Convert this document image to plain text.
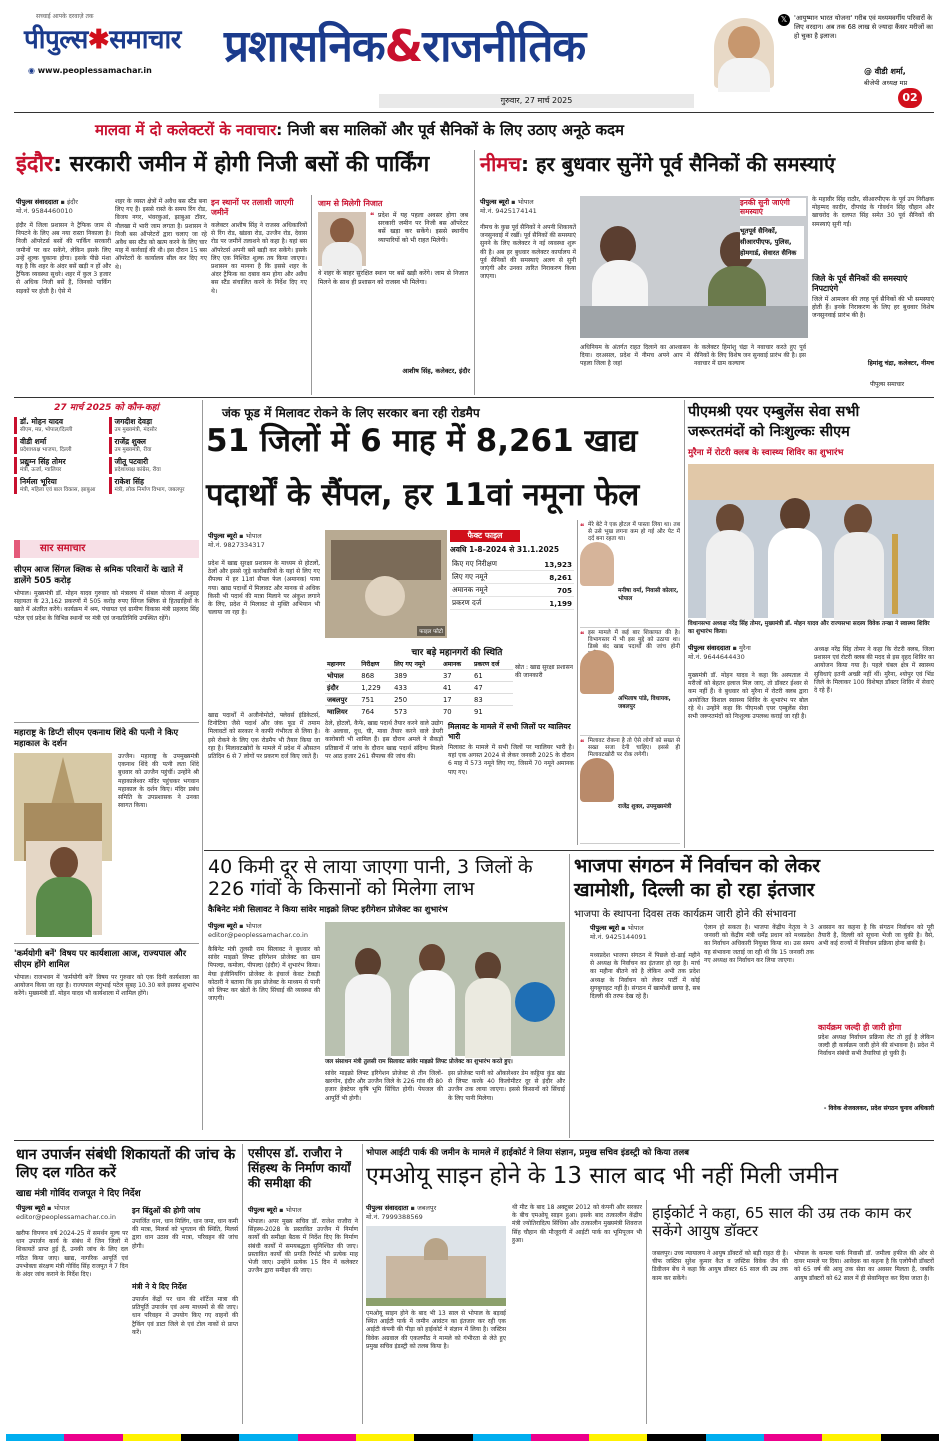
सच्चाई आपके दरवाज़े तक
पीपुल्स✱समाचार
◉ www.peoplessamachar.in प्रशासनिक&राजनीतिक
गुरुवार, 27 मार्च 2025
𝕏	'आयुष्मान भारत योजना' गरीब एवं मध्यमवर्गीय परिवारों के लिए वरदान। अब तक 68 लाख से ज्यादा कैंसर मरीजों का हो चुका है इलाज।
@ वीडी शर्मा,
बीजेपी अध्यक्ष मप्र
02
मालवा में दो कलेक्टरों के नवाचार: निजी बस मालिकों और पूर्व सैनिकों के लिए उठाए अनूठे कदम
इंदौर: सरकारी जमीन में होगी निजी बसों की पार्किंग
पीपुल्स संवाददाता ▪ इंदौर
मो.नं. 9584460010
इंदौर में जिला प्रशासन ने ट्रैफिक जाम से निपटने के लिए अब नया रास्ता निकाला है। निजी ऑपरेटर्स बसों की पार्किंग सरकारी जमीनों पर कर सकेंगे, लेकिन इसके लिए उन्हें शुल्क चुकाना होगा। इसके पीछे मंशा यह है कि शहर के अंदर बसें खड़ी न हों और ट्रैफिक व्यवस्था सुधरे। शहर में कुल 3 हजार से अधिक निजी बसें हैं, जिनको पार्किंग सड़कों पर होती है। ऐसे में
शहर के व्यस्त क्षेत्रों में अवैध बस स्टैंड बना लिए गए हैं। इससे रास्ते के समय रिंग रोड, विजय नगर, भंवरकुआं, झाबुआ टॉवर, नौलखा में भारी जाम लगता है। प्रशासन ने निजी बस ऑपरेटरों द्वारा चलाए जा रहे अवैध बस स्टैंड को खत्म करने के लिए चार माह में कार्रवाई की थी। इस दौरान 15 बस ऑपरेटरों के कार्यालय सील कर दिए गए थे।
इन स्थानों पर तलाशी जाएगी जमीनें
कलेक्टर आशीष सिंह ने राजस्व अधिकारियों से रिंग रोड, खंडवा रोड, उज्जैन रोड, देवास रोड पर जमीनें तलाशने को कहा है। यहां बस ऑपरेटर्स अपनी बसें खड़ी कर सकेंगे। इसके लिए एक निश्चित शुल्क तय किया जाएगा। प्रशासन का मानना है कि इससे शहर के अंदर ट्रैफिक का दबाव कम होगा और अवैध बस स्टैंड संचालित करने के निर्देश दिए गए थे।
जाम से मिलेगी निजात
❝ प्रदेश में यह पहला अवसर होगा जब सरकारी जमीन पर निजी बस ऑपरेटर बसें खड़ा कर सकेंगे। इससे स्थानीय व्यापारियों को भी राहत मिलेगी।
वे शहर के बाहर सुरक्षित स्थान पर बसें खड़ी करेंगे। जाम से निजात मिलने के साथ ही प्रशासन को राजस्व भी मिलेगा।
आशीष सिंह, कलेक्टर, इंदौर
नीमच: हर बुधवार सुनेंगे पूर्व सैनिकों की समस्याएं
पीपुल्स ब्यूरो ▪ भोपाल
मो.नं. 9425174141
नीमच के कुछ पूर्व सैनिकों ने अपनी शिकायतें जनसुनवाई में रखीं। पूर्व सैनिकों की समस्याएं सुनने के लिए कलेक्टर ने नई व्यवस्था शुरू की है। अब हर बुधवार कलेक्टर कार्यालय में पूर्व सैनिकों की समस्याएं अलग से सुनी जाएंगी और उनका त्वरित निराकरण किया जाएगा।
इनकी सुनी जाएंगी समस्याएं
भूतपूर्व सैनिकों, सीआरपीएफ, पुलिस, होमगार्ड, सेवारत सैनिक
अधिनियम के अंतर्गत राहत दिलाने का आश्वासन दिया। दरअसल, प्रदेश में नीमच अपने आप में पहला जिला है जहां
के कलेक्टर हिमांशु चंद्रा ने नवाचार करते हुए पूर्व सैनिकों के लिए विशेष जन सुनवाई प्रारंभ की है। इस नवाचार में ग्राम कल्याण
के महावीर सिंह राठौर, सीआरपीएफ के पूर्व उप निरीक्षक मोहम्मद कादीर, दीपचंद्र के गोवर्धन सिंह चौहान और खाचरोद के दलपत सिंह समेत 30 पूर्व सैनिकों की समस्याएं सुनी गईं।
जिले के पूर्व सैनिकों की समस्याएं निपटाएंगे
जिले में आमजन की तरह पूर्व सैनिकों की भी समस्याएं होती हैं। इनके निराकरण के लिए हर बुधवार विशेष जनसुनवाई प्रारंभ की है।
हिमांशु चंद्रा, कलेक्टर, नीमच
पीपुल्स समाचार
27 मार्च 2025 को कौन-कहां
डॉ. मोहन यादव
सीएम, मप्र, भोपाल/दिल्ली
जगदीश देवड़ा
उप मुख्यमंत्री, मंदसौर
वीडी शर्मा
प्रदेशाध्यक्ष भाजपा, दिल्ली
राजेंद्र शुक्ल
उप मुख्यमंत्री, रीवा
प्रद्युम्न सिंह तोमर
मंत्री, ऊर्जा, ग्वालियर
जीतू पटवारी
प्रदेशाध्यक्ष कांग्रेस, रीवा
निर्मला भूरिया
मंत्री, महिला एवं बाल विकास, झाबुआ
राकेश सिंह
मंत्री, लोक निर्माण विभाग, जबलपुर
सार समाचार
सीएम आज सिंगल क्लिक से श्रमिक परिवारों के खाते में डालेंगे 505 करोड़
भोपाल। मुख्यमंत्री डॉ. मोहन यादव गुरुवार को मंत्रालय में संबल योजना में अनुग्रह सहायता के 23,162 प्रकरणों में 505 करोड़ रुपए सिंगल क्लिक से हितग्राहियों के खाते में अंतरित करेंगे। कार्यक्रम में श्रम, पंचायत एवं ग्रामीण विकास मंत्री प्रहलाद सिंह पटेल एवं प्रदेश के विभिन्न स्थानों पर मंत्री एवं जनप्रतिनिधि उपस्थित रहेंगे।
महाराष्ट्र के डिप्टी सीएम एकनाथ शिंदे की पत्नी ने किए महाकाल के दर्शन
उज्जैन। महाराष्ट्र के उपमुख्यमंत्री एकनाथ शिंदे की पत्नी लता शिंदे बुधवार को उज्जैन पहुंचीं। उन्होंने श्री महाकालेश्वर मंदिर पहुंचकर भगवान महाकाल के दर्शन किए। मंदिर प्रबंध समिति के उपप्रशासक ने उनका स्वागत किया।
'कर्मयोगी बनें' विषय पर कार्यशाला आज, राज्यपाल और सीएम होंगे शामिल
भोपाल। राजभवन में 'कर्मयोगी बनें' विषय पर गुरुवार को एक दिनी कार्यशाला का आयोजन किया जा रहा है। राज्यपाल मंगुभाई पटेल सुबह 10.30 बजे इसका शुभारंभ करेंगे। मुख्यमंत्री डॉ. मोहन यादव भी कार्यशाला में शामिल होंगे।
जंक फूड में मिलावट रोकने के लिए सरकार बना रही रोडमैप
51 जिलों में 6 माह में 8,261 खाद्य
पदार्थों के सैंपल, हर 11वां नमूना फेल
पीपुल्स ब्यूरो ▪ भोपाल
मो.नं. 9827334317
प्रदेश में खाद्य सुरक्षा प्रशासन के माध्यम से होटलों, ठेलों और इससे जुड़े कारोबारियों के यहां से लिए गए सैंपल्स में हर 11वां सैंपल फेल (अमानक) पाया गया। खाद्य पदार्थों में मिलावट और मानक से अधिक किसी भी पदार्थ की मात्रा मिलाने पर अंकुश लगाने के लिए, प्रदेश में मिलावट से मुक्ति अभियान भी चलाया जा रहा है।
खाद्य पदार्थों में अजीनोमोटो, फ्लेवर्स इंडिकेटर्स, टिनोटिया जैसे पदार्थ और जंक फूड में तमाम मिलावटों को सरकार ने काफी गंभीरता से लिया है। इसे रोकने के लिए एक रोडमैप भी तैयार किया जा रहा है। मिलावटखोरों के मामले में प्रदेश में औसतन प्रतिदिन 6 से 7 लोगों पर प्रकरण दर्ज किए जाते हैं।
फाइल फोटो
फैक्ट फाइल
अवधि 1-8-2024 से 31.1.2025
किए गए निरीक्षण	13,923
लिए गए नमूने	8,261
अमानक नमूने	705
प्रकरण दर्ज	1,199
चार बड़े महानगरों की स्थिति
महानगर	निरीक्षण	लिए गए नमूने	अमानक	प्रकरण दर्ज
भोपाल	868	389	37	61
इंदौर	1,229	433	41	47
जबलपुर	751	250	17	83
ग्वालियर	764	573	70	91
स्रोत : खाद्य सुरक्षा प्रशासन की जानकारी
ठेले, होटलों, कैफे, खाद्य पदार्थ तैयार करने वाले उद्योग के अलावा, दूध, घी, मावा तैयार करने वाले डेयरी कारोबारी भी शामिल हैं। इस दौरान अमले ने सैकड़ों प्रतिष्ठानों में जांच के दौरान खाद्य पदार्थ संदिग्ध मिलने पर आठ हजार 261 सैंपल्स की जांच की।
मिलावट के मामले में सभी जिलों पर ग्वालियर भारी
मिलावट के मामले में सभी जिलों पर ग्वालियर भारी है। यहां एक अगस्त 2024 से लेकर जनवरी 2025 के दौरान 6 माह में 573 नमूने लिए गए, जिसमें 70 नमूने अमानक पाए गए।
❝ मेरे बेटे ने एक होटल में पास्ता लिया था। तब से उसे भूख लगना कम हो गई और पेट में दर्द बना रहता था।
मनीषा वर्मा, निवासी कोलार, भोपाल
❝ इस मामले में कई बार शिकायत की है। विभागस्तर में भी इस मुद्दे को उठाया था। डिब्बे बंद खाद्य पदार्थों की जांच होनी
अभिलाष पांडे, विधायक, जबलपुर
❝ मिलावट रोकना है तो ऐसे लोगों को सख्त से सख्त सजा देनी चाहिए। इससे ही मिलावटखोरी पर रोक लगेगी।
राजेंद्र शुक्ल, उपमुख्यमंत्री
पीएमश्री एयर एम्बुलेंस सेवा सभी
जरूरतमंदों को निःशुल्कः सीएम
मुरैना में रोटरी क्लब के स्वास्थ्य शिविर का शुभारंभ
विधानसभा अध्यक्ष नरेंद्र सिंह तोमर, मुख्यमंत्री डॉ. मोहन यादव और राज्यसभा सदस्य विवेक तन्खा ने स्वास्थ्य शिविर का शुभारंभ किया।
पीपुल्स संवाददाता ▪ मुरैना
मो.नं. 9644644430
मुख्यमंत्री डॉ. मोहन यादव ने कहा कि अस्पताल में मरीजों को बेहतर इलाज मिल जाए, तो डॉक्टर ईश्वर से कम नहीं हैं। वे बुधवार को मुरैना में रोटरी क्लब द्वारा आयोजित विशाल स्वास्थ्य शिविर के शुभारंभ पर बोल रहे थे। उन्होंने कहा कि पीएमश्री एयर एम्बुलेंस सेवा सभी जरूरतमंदों को निःशुल्क उपलब्ध कराई जा रही है।
अध्यक्ष नरेंद्र सिंह तोमर ने कहा कि रोटरी क्लब, जिला प्रशासन एवं रोटरी क्लब की मदद से इस वृहद शिविर का आयोजन किया गया है। पहले चंबल क्षेत्र में स्वास्थ्य सुविधाएं इतनी अच्छी नहीं थीं। मुरैना, श्योपुर एवं भिंड जिले के मिलाकर 100 विशेषज्ञ डॉक्टर शिविर में सेवाएं दे रहे हैं।
40 किमी दूर से लाया जाएगा पानी, 3 जिलों के 226 गांवों के किसानों को मिलेगा लाभ
कैबिनेट मंत्री सिलावट ने किया सांवेर माइक्रो लिफ्ट इरीगेशन प्रोजेक्ट का शुभारंभ
पीपुल्स ब्यूरो ▪ भोपाल
editor@peoplessamachar.co.in
कैबिनेट मंत्री तुलसी राम सिलावट ने बुधवार को सांवेर माइक्रो लिफ्ट इरिगेशन प्रोजेक्ट का ग्राम पिपल्दा, कमोला, पीपल्दा (इंदौर) में शुभारंभ किया। मेघा इंजीनियरिंग प्रोजेक्ट के इंचार्ज केवट टेकड़ी कोठारी ने बताया कि इस प्रोजेक्ट के माध्यम से पानी को लिफ्ट कर खेतों के लिए सिंचाई की व्यवस्था की जाएगी।
जल संसाधन मंत्री तुलसी राम सिलावट सांवेर माइक्रो लिफ्ट प्रोजेक्ट का शुभारंभ करते हुए।
सांवेर माइक्रो लिफ्ट इरिगेशन प्रोजेक्ट से तीन जिलों-खरगोन, इंदौर और उज्जैन जिले के 226 गांव की 80 हजार हेक्टेयर कृषि भूमि सिंचित होगी। पेयजल की आपूर्ति भी होगी।
इस प्रोजेक्ट पानी को ओंकारेश्वर डेम कट्ठिया कुंड खंड से लिफ्ट करके 40 किलोमीटर दूर से इंदौर और उज्जैन तक लाया जाएगा। इससे किसानों को सिंचाई के लिए पानी मिलेगा।
भाजपा संगठन में निर्वाचन को लेकर
खामोशी, दिल्ली का हो रहा इंतजार
भाजपा के स्थापना दिवस तक कार्यक्रम जारी होने की संभावना
पीपुल्स ब्यूरो ▪ भोपाल
मो.नं. 9425144091
मध्यप्रदेश भाजपा संगठन में पिछले दो-ढाई महीने से अध्यक्ष के निर्वाचन का इंतजार हो रहा है। मार्च का महीना बीतने को है लेकिन अभी तक प्रदेश अध्यक्ष के निर्वाचन को लेकर पार्टी में कोई सुगबुगाहट नहीं है। संगठन में खामोशी छाया है, सब दिल्ली की तरफ देख रहे हैं।
ऐलान हो सकता है। भाजपा केंद्रीय नेतृत्व ने 3 जनवरी को केंद्रीय मंत्री धर्मेंद्र प्रधान को मध्यप्रदेश का निर्वाचन अधिकारी नियुक्त किया था। उस समय यह संभावना जताई जा रही थी कि 15 जनवरी तक नए अध्यक्ष का निर्वाचन कर लिया जाएगा।
अवसान का कहना है कि संगठन निर्वाचन को पूरी तैयारी है, दिल्ली को सूचना भेजी जा चुकी है। वैसे, अभी कई राज्यों में निर्वाचन प्रक्रिया होना बाकी है।
कार्यक्रम जल्दी ही जारी होगा
प्रदेश अध्यक्ष निर्वाचन प्रक्रिया लेट तो हुई है लेकिन जल्दी ही कार्यक्रम जारी होने की संभावना है। प्रदेश में निर्वाचन संबंधी सभी तैयारियां हो चुकी हैं।
- विवेक शेजवलकर, प्रदेश संगठन चुनाव अधिकारी
धान उपार्जन संबंधी शिकायतों की जांच के लिए दल गठित करें
खाद्य मंत्री गोविंद राजपूत ने दिए निर्देश
पीपुल्स ब्यूरो ▪ भोपाल
editor@peoplessamachar.co.in
खरीफ विपणन वर्ष 2024-25 में समर्थन मूल्य पर धान उपार्जन कार्य के संबंध में जिन जिलों में शिकायतें प्राप्त हुई हैं, उनकी जांच के लिए दल गठित किया जाए। खाद्य, नागरिक आपूर्ति एवं उपभोक्ता संरक्षण मंत्री गोविंद सिंह राजपूत ने 7 दिन के अंदर जांच कराने के निर्देश दिए।
इन बिंदुओं की होगी जांच
उपार्जित धान, धान मिलिंग, धान जमा, धान कमी की मात्रा, मिलर्स को भुगतान की स्थिति, मिलर्स द्वारा धान उठाव की मात्रा, परिवहन की जांच होगी।
मंत्री ने ये दिए निर्देश
उपार्जन केंद्रों पर धान की शॉर्टेज मात्रा की प्रतिपूर्ति उपार्जन एवं अन्य माध्यमों से की जाए। धान परिवहन में उपयोग किए गए वाहनों की ट्रैकिंग एवं डाटा जिले से एवं टोल नाकों से प्राप्त करें।
एसीएस डॉ. राजौरा ने सिंहस्थ के निर्माण कार्यों की समीक्षा की
पीपुल्स ब्यूरो ▪ भोपाल
भोपाल। अपर मुख्य सचिव डॉ. राजेश राजौरा ने सिंहस्थ-2028 के प्रस्तावित उज्जैन में निर्माण कार्यों की समीक्षा बैठक में निर्देश दिए कि निर्माण संबंधी कार्यों में समयबद्धता सुनिश्चित की जाए। प्रस्तावित कार्यों की प्रगति रिपोर्ट भी प्रत्येक माह भेजी जाए। उन्होंने प्रत्येक 15 दिन में कलेक्टर उज्जैन द्वारा समीक्षा की जाए।
भोपाल आईटी पार्क की जमीन के मामले में हाईकोर्ट ने लिया संज्ञान, प्रमुख सचिव इंडस्ट्री को किया तलब
एमओयू साइन होने के 13 साल बाद भी नहीं मिली जमीन
पीपुल्स संवाददाता ▪ जबलपुर
मो.नं. 7999388569
एमओयू साइन होने के बाद भी 13 साल से भोपाल के बड़वई स्थित आईटी पार्क में जमीन आवंटन का इंतजार कर रही एक आईटी कंपनी की पीड़ा को हाईकोर्ट ने संज्ञान में लिया है। जस्टिस विवेक अग्रवाल की एकलपीठ ने मामले को गंभीरता से लेते हुए प्रमुख सचिव इंडस्ट्री को तलब किया है।
थी मीट के बाद 18 अक्टूबर 2012 को कंपनी और सरकार के बीच एमओयू साइन हुआ। इसके बाद तत्कालीन केंद्रीय मंत्री ज्योतिरादित्य सिंधिया और तत्कालीन मुख्यमंत्री शिवराज सिंह चौहान की मौजूदगी में आईटी पार्क का भूमिपूजन भी हुआ।
हाईकोर्ट ने कहा, 65 साल की उम्र तक काम कर सकेंगे आयुष डॉक्टर
जबलपुर। उच्च न्यायालय ने आयुष डॉक्टरों को बड़ी राहत दी है। चीफ जस्टिस सुरेश कुमार कैत व जस्टिस विवेक जैन की डिवीजन बेंच ने कहा कि आयुष डॉक्टर 65 साल की उम्र तक काम कर सकेंगे।
भोपाल के कमला पार्क निवासी डॉ. जमीला हफीज की ओर से दायर मामले पर दिया। आवेदक का कहना है कि एलोपैथी डॉक्टरों को 65 वर्ष की आयु तक सेवा का अवसर मिलता है, जबकि आयुष डॉक्टरों को 62 साल में ही सेवानिवृत्त कर दिया जाता है।
